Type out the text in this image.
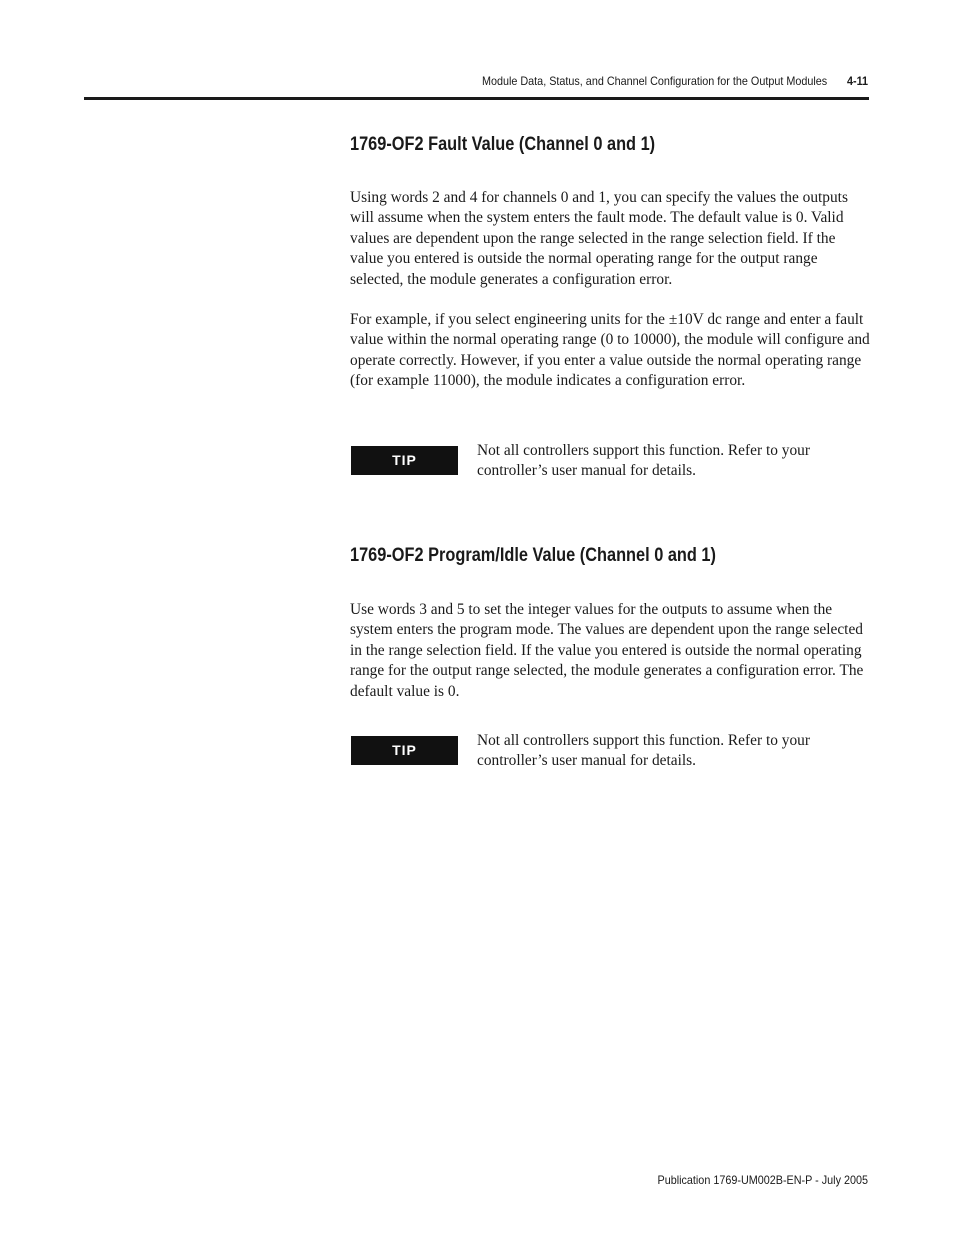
Module Data, Status, and Channel Configuration for the Output Modules 4-11
1769-OF2 Fault Value (Channel 0 and 1)

Using words 2 and 4 for channels 0 and 1, you can specify the values the outputs will assume when the system enters the fault mode. The default value is 0. Valid values are dependent upon the range selected in the range selection field. If the value you entered is outside the normal operating range for the output range selected, the module generates a configuration error.

For example, if you select engineering units for the ±10V dc range and enter a fault value within the normal operating range (0 to 10000), the module will configure and operate correctly. However, if you enter a value outside the normal operating range (for example 11000), the module indicates a configuration error.

TIP

Not all controllers support this function. Refer to your controller’s user manual for details.

1769-OF2 Program/Idle Value (Channel 0 and 1)

Use words 3 and 5 to set the integer values for the outputs to assume when the system enters the program mode. The values are dependent upon the range selected in the range selection field. If the value you entered is outside the normal operating range for the output range selected, the module generates a configuration error. The default value is 0.

TIP

Not all controllers support this function. Refer to your controller’s user manual for details.

Publication 1769-UM002B-EN-P - July 2005
